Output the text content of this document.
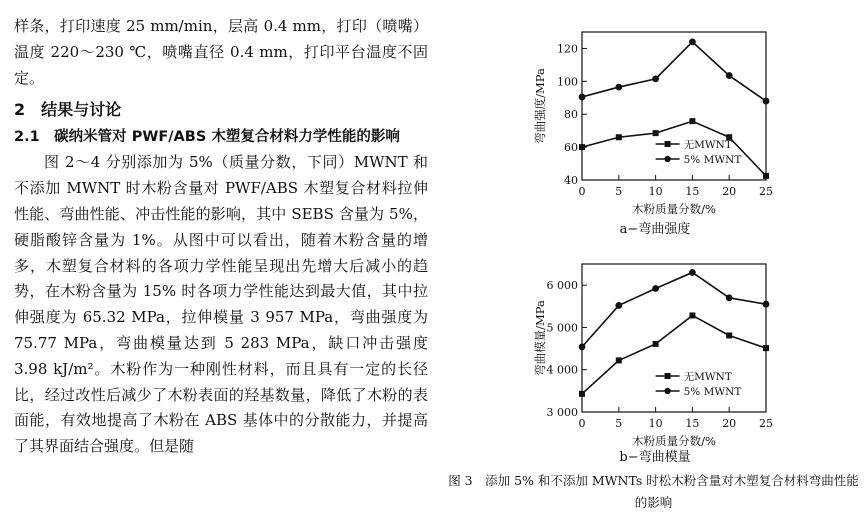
样条，打印速度 25 mm/min，层高 0.4 mm，打印（喷嘴）温度 220～230 ℃，喷嘴直径 0.4 mm，打印平台温度不固定。

2　结果与讨论
2.1　碳纳米管对 PWF/ABS 木塑复合材料力学性能的影响

图 2～4 分别添加为 5%（质量分数，下同）MWNT 和不添加 MWNT 时木粉含量对 PWF/ABS 木塑复合材料拉伸性能、弯曲性能、冲击性能的影响，其中 SEBS 含量为 5%，硬脂酸锌含量为 1%。从图中可以看出，随着木粉含量的增多，木塑复合材料的各项力学性能呈现出先增大后减小的趋势，在木粉含量为 15% 时各项力学性能达到最大值，其中拉伸强度为 65.32 MPa，拉伸模量 3 957 MPa，弯曲强度为 75.77 MPa，弯曲模量达到 5 283 MPa，缺口冲击强度 3.98 kJ/m²。木粉作为一种刚性材料，而且具有一定的长径比，经过改性后减少了木粉表面的羟基数量，降低了木粉的表面能，有效地提高了木粉在 ABS 基体中的分散能力，并提高了其界面结合强度。但是随

40
60
80
100
120
0	5 10 15 20 25
木粉质量分数/%
弯曲强度/MPa
无MWNT
5% MWNT
a−弯曲强度
3 000
4 000
5 000
6 000
0	5 10 15 20 25
木粉质量分数/%
弯曲模量/MPa
无MWNT
5% MWNT
b−弯曲模量
图 3　添加 5% 和不添加 MWNTs 时松木粉含量对木塑复合材料弯曲性能的影响
